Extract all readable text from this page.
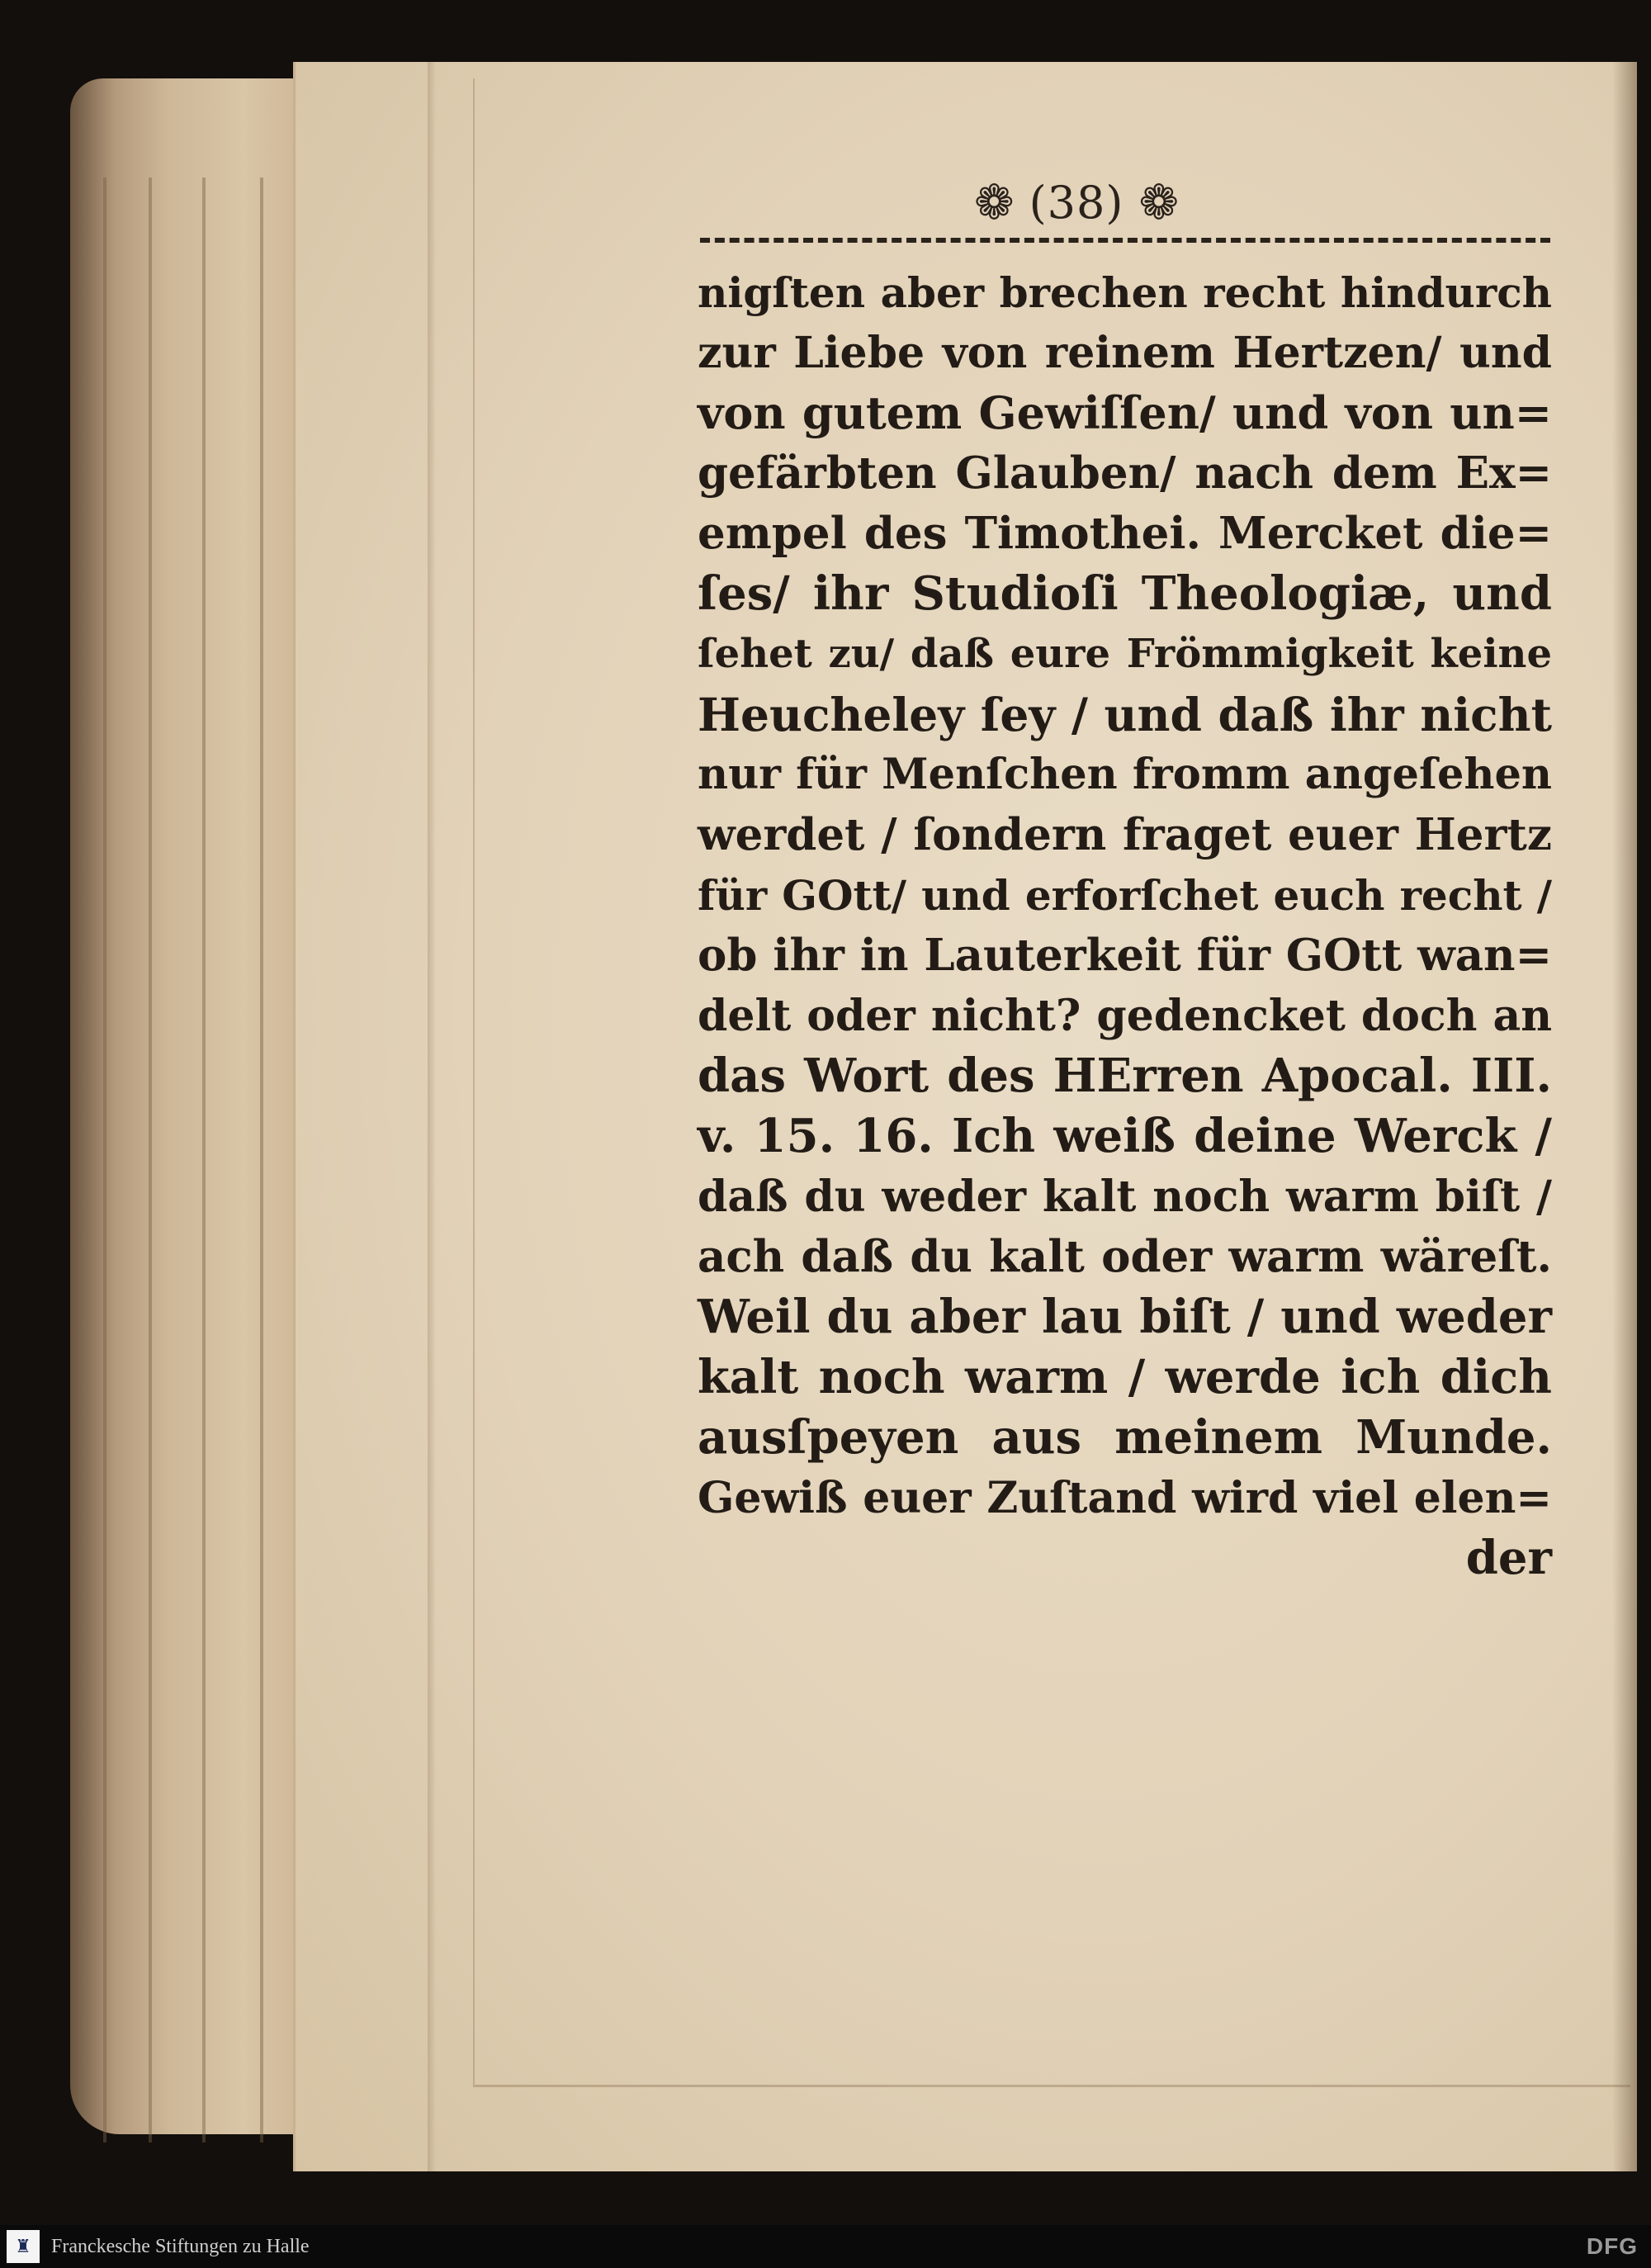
❁ (38) ❁
nigſten aber brechen recht hindurch
zur Liebe von reinem Hertzen/ und
von gutem Gewiſſen/ und von un=
gefärbten Glauben/ nach dem Ex=
empel des Timothei. Mercket die=
ſes/ ihr Studioſi Theologiæ, und
ſehet zu/ daß eure Frömmigkeit keine
Heucheley ſey / und daß ihr nicht
nur für Menſchen fromm angeſehen
werdet / ſondern fraget euer Hertz
für GOtt/ und erforſchet euch recht /
ob ihr in Lauterkeit für GOtt wan=
delt oder nicht? gedencket doch an
das Wort des HErren Apocal. III.
v. 15. 16. Ich weiß deine Werck /
daß du weder kalt noch warm biſt /
ach daß du kalt oder warm wäreſt.
Weil du aber lau biſt / und weder
kalt noch warm / werde ich dich
ausſpeyen aus meinem Munde.
Gewiß euer Zuſtand wird viel elen=
der
♜ Franckesche Stiftungen zu Halle	DFG
